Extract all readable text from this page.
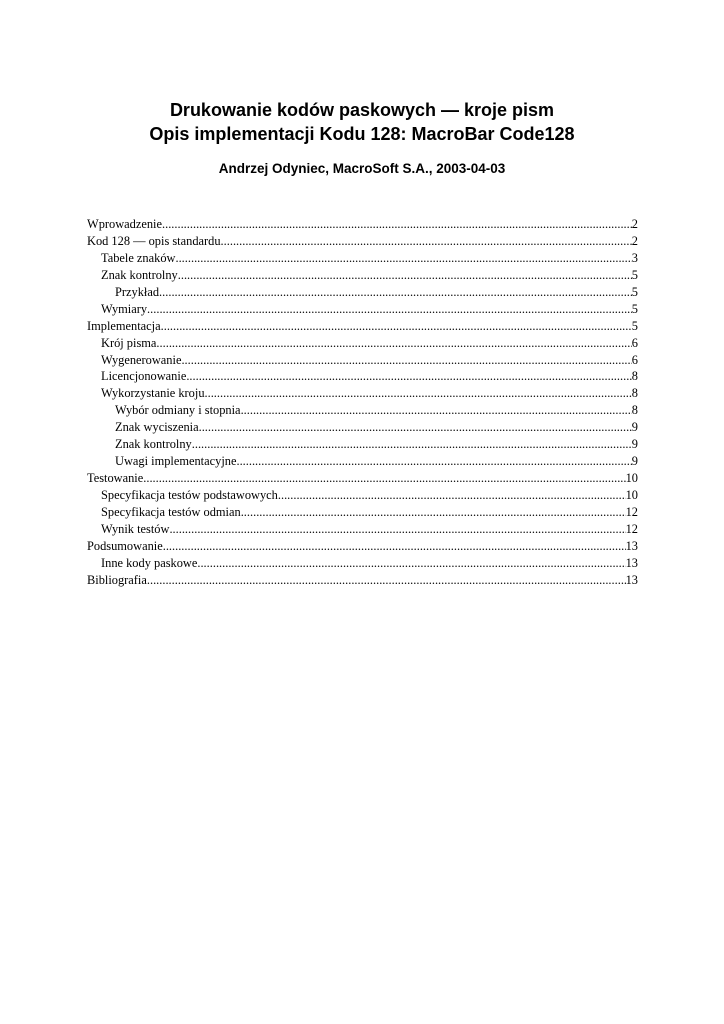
Drukowanie kodów paskowych — kroje pism
Opis implementacji Kodu 128: MacroBar Code128
Andrzej Odyniec, MacroSoft S.A., 2003-04-03
Wprowadzenie .....	2
Kod 128 — opis standardu .....	2
Tabele znaków .....	3
Znak kontrolny .....	5
Przykład .....	5
Wymiary .....	5
Implementacja .....	5
Krój pisma .....	6
Wygenerowanie .....	6
Licencjonowanie .....	8
Wykorzystanie kroju .....	8
Wybór odmiany i stopnia .....	8
Znak wyciszenia .....	9
Znak kontrolny .....	9
Uwagi implementacyjne .....	9
Testowanie .....	10
Specyfikacja testów podstawowych .....	10
Specyfikacja testów odmian .....	12
Wynik testów .....	12
Podsumowanie .....	13
Inne kody paskowe .....	13
Bibliografia .....	13
